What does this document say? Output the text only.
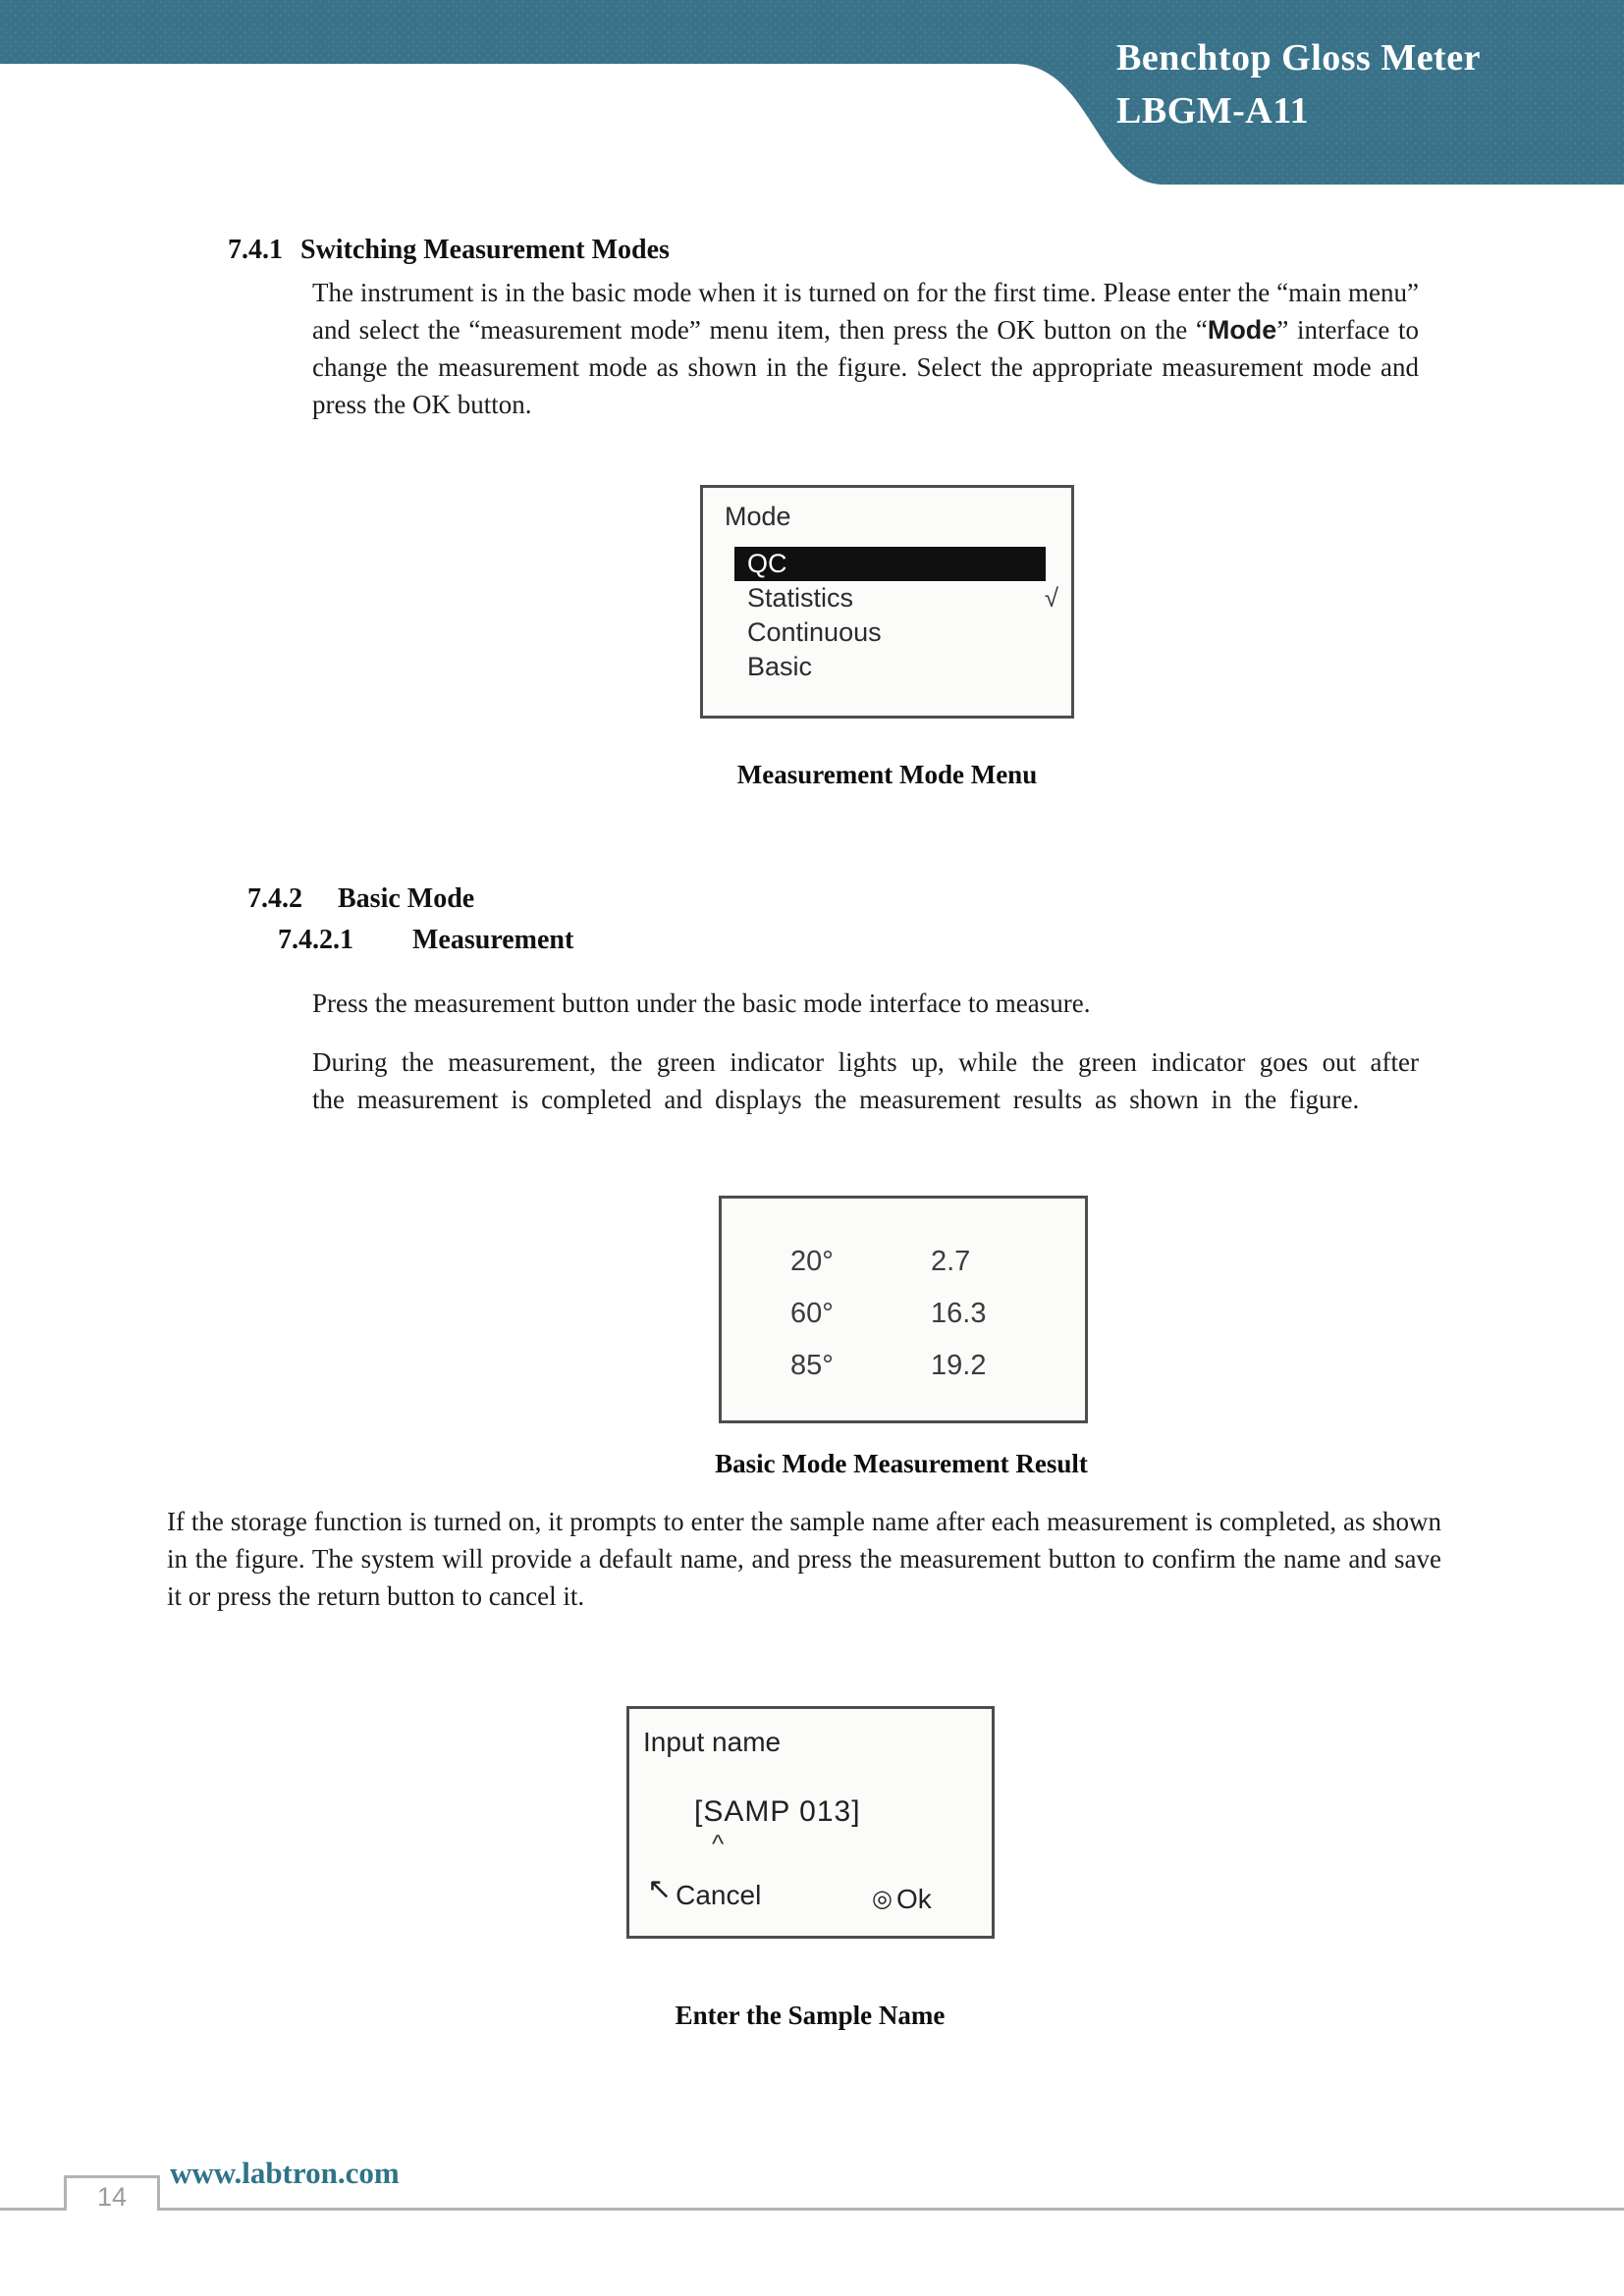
Benchtop Gloss Meter
LBGM-A11
7.4.1 Switching Measurement Modes
The instrument is in the basic mode when it is turned on for the first time. Please enter the “main menu” and select the “measurement mode” menu item, then press the OK button on the “Mode” interface to change the measurement mode as shown in the figure. Select the appropriate measurement mode and press the OK button.
Mode
QC
Statistics	√
Continuous
Basic
Measurement Mode Menu
7.4.2 Basic Mode
7.4.2.1 Measurement
Press the measurement button under the basic mode interface to measure.
During the measurement, the green indicator lights up, while the green indicator goes out after the measurement is completed and displays the measurement results as shown in the figure.
20°	2.7
60°	16.3
85°	19.2
Basic Mode Measurement Result
If the storage function is turned on, it prompts to enter the sample name after each measurement is completed, as shown in the figure. The system will provide a default name, and press the measurement button to confirm the name and save it or press the return button to cancel it.
Input name
[SAMP 013]
^
↖ Cancel	◎ Ok
Enter the Sample Name
14
www.labtron.com
